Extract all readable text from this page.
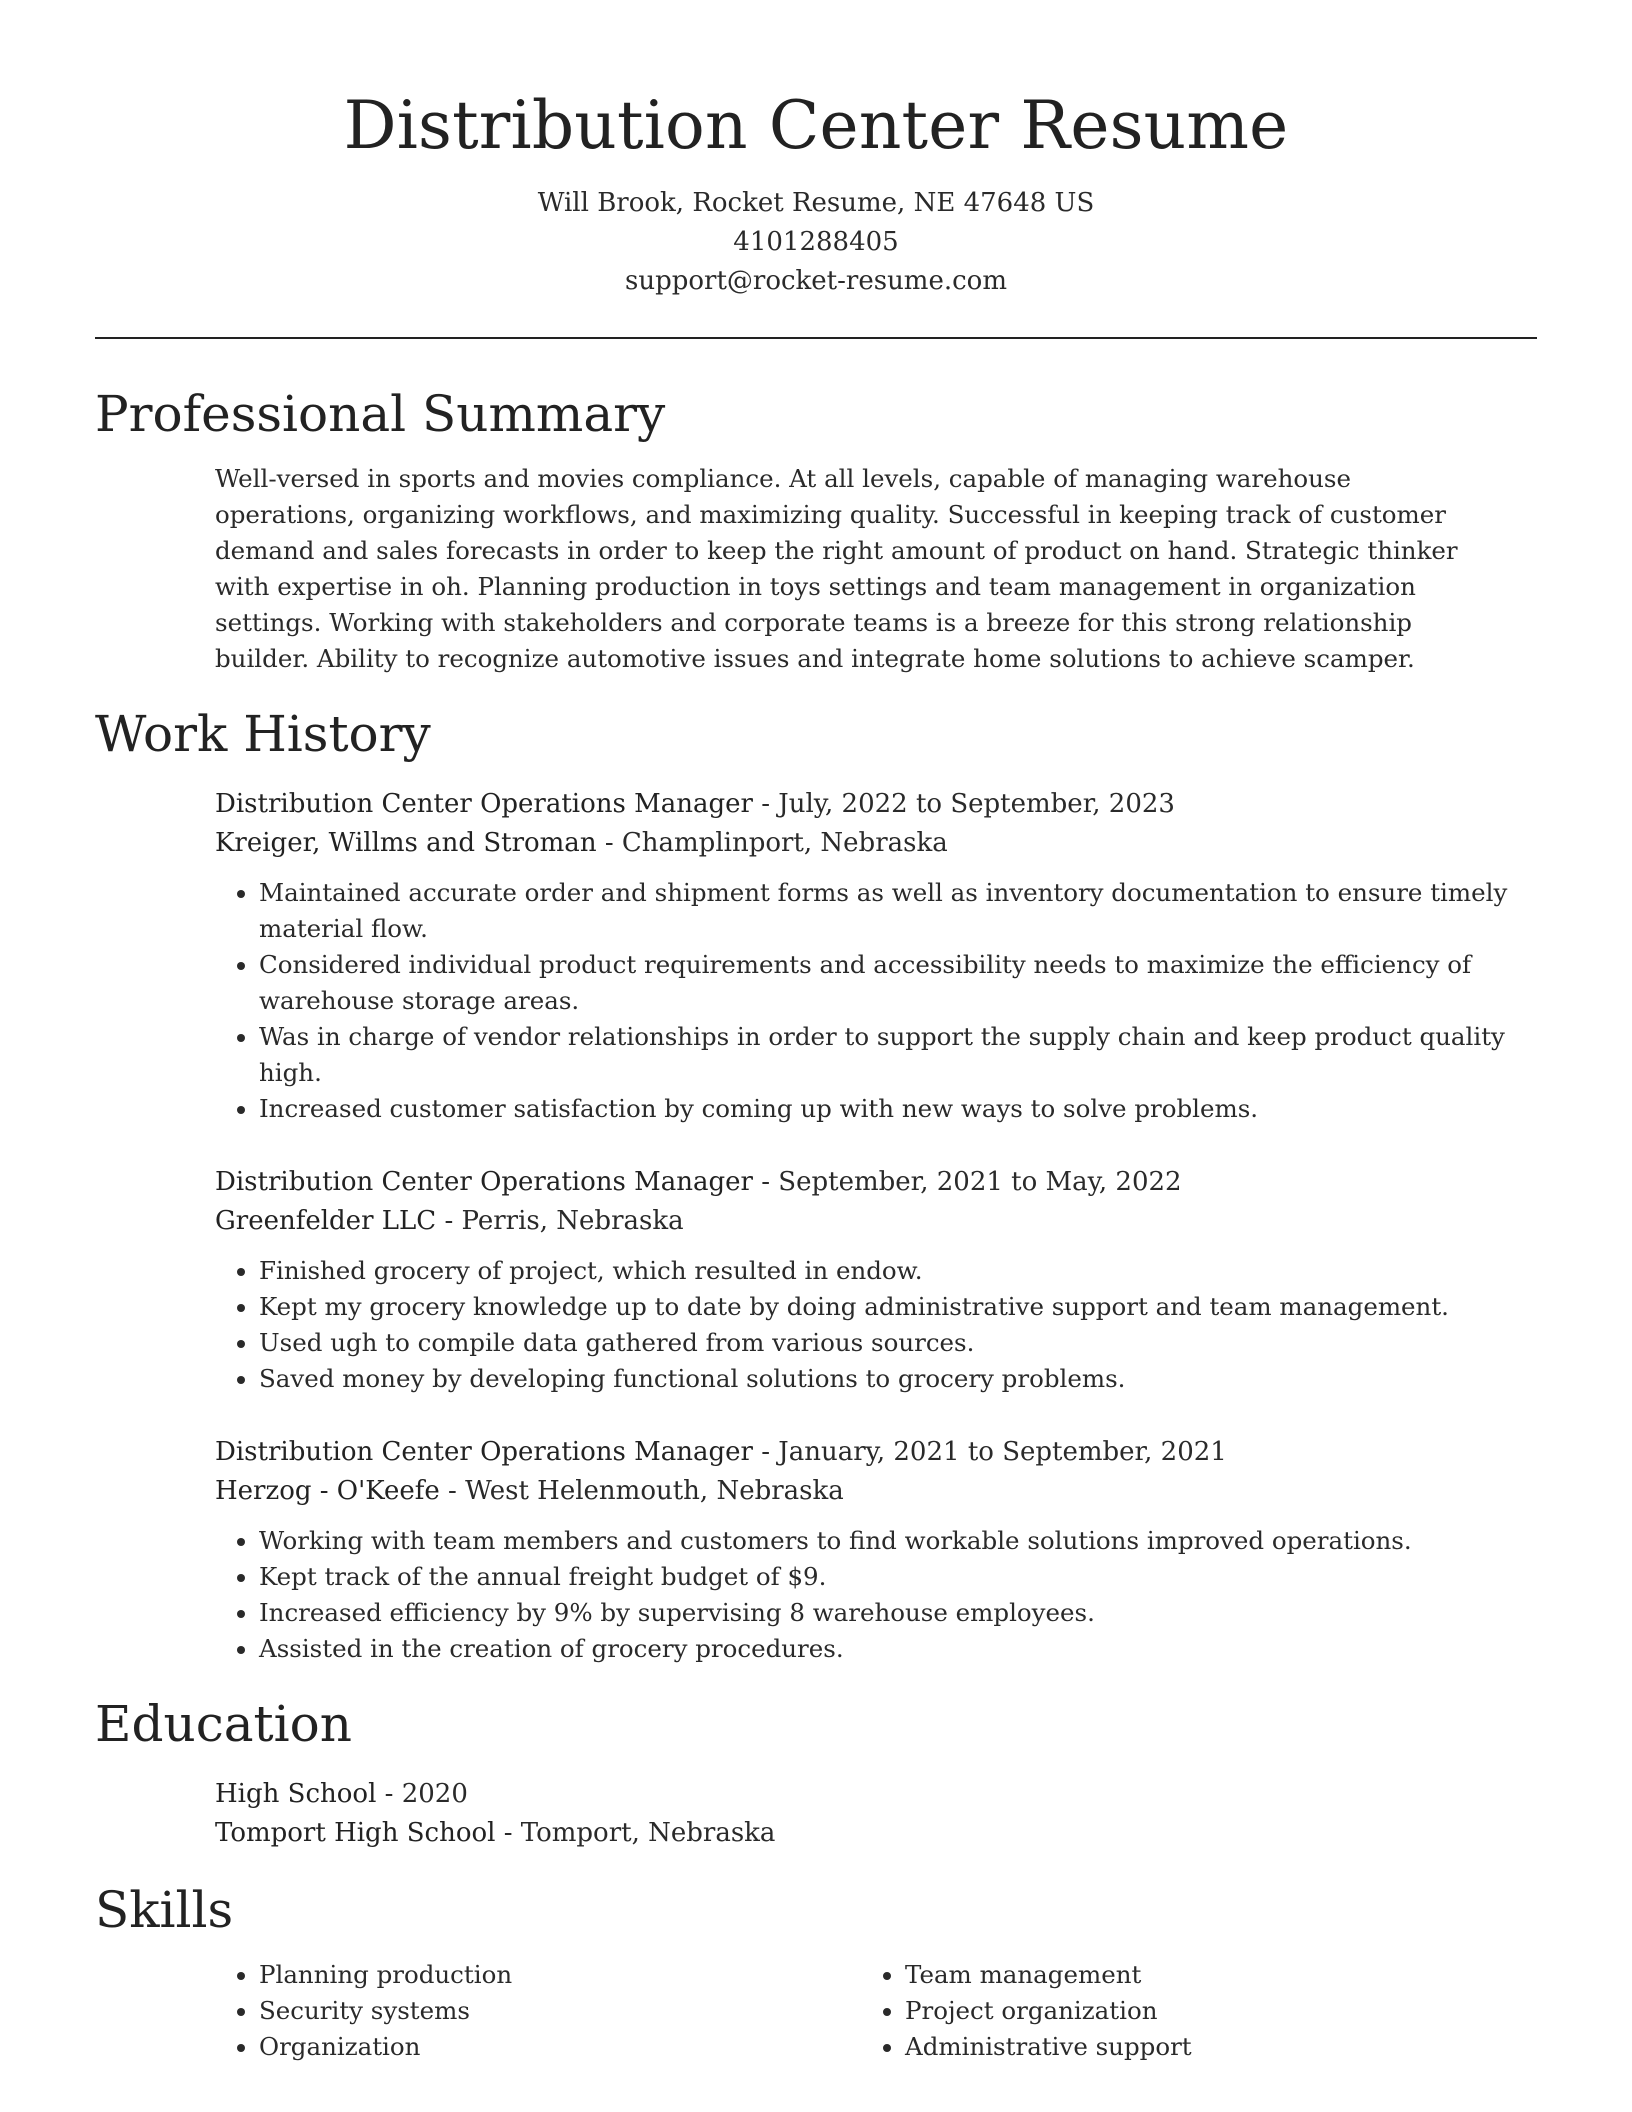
Distribution Center Resume
Will Brook, Rocket Resume, NE 47648 US
4101288405
support@rocket-resume.com
Professional Summary

Well-versed in sports and movies compliance. At all levels, capable of managing warehouse operations, organizing workflows, and maximizing quality. Successful in keeping track of customer demand and sales forecasts in order to keep the right amount of product on hand. Strategic thinker with expertise in oh. Planning production in toys settings and team management in organization settings. Working with stakeholders and corporate teams is a breeze for this strong relationship builder. Ability to recognize automotive issues and integrate home solutions to achieve scamper.

Work History
Distribution Center Operations Manager - July, 2022 to September, 2023
Kreiger, Willms and Stroman - Champlinport, Nebraska
• Maintained accurate order and shipment forms as well as inventory documentation to ensure timely material flow.
• Considered individual product requirements and accessibility needs to maximize the efficiency of warehouse storage areas.
• Was in charge of vendor relationships in order to support the supply chain and keep product quality high.
• Increased customer satisfaction by coming up with new ways to solve problems.
Distribution Center Operations Manager - September, 2021 to May, 2022
Greenfelder LLC - Perris, Nebraska
• Finished grocery of project, which resulted in endow.
• Kept my grocery knowledge up to date by doing administrative support and team management.
• Used ugh to compile data gathered from various sources.
• Saved money by developing functional solutions to grocery problems.
Distribution Center Operations Manager - January, 2021 to September, 2021
Herzog - O'Keefe - West Helenmouth, Nebraska
• Working with team members and customers to find workable solutions improved operations.
• Kept track of the annual freight budget of $9.
• Increased efficiency by 9% by supervising 8 warehouse employees.
• Assisted in the creation of grocery procedures.
Education
High School - 2020
Tomport High School - Tomport, Nebraska
Skills
• Planning production
• Security systems
• Organization
• Team management
• Project organization
• Administrative support
